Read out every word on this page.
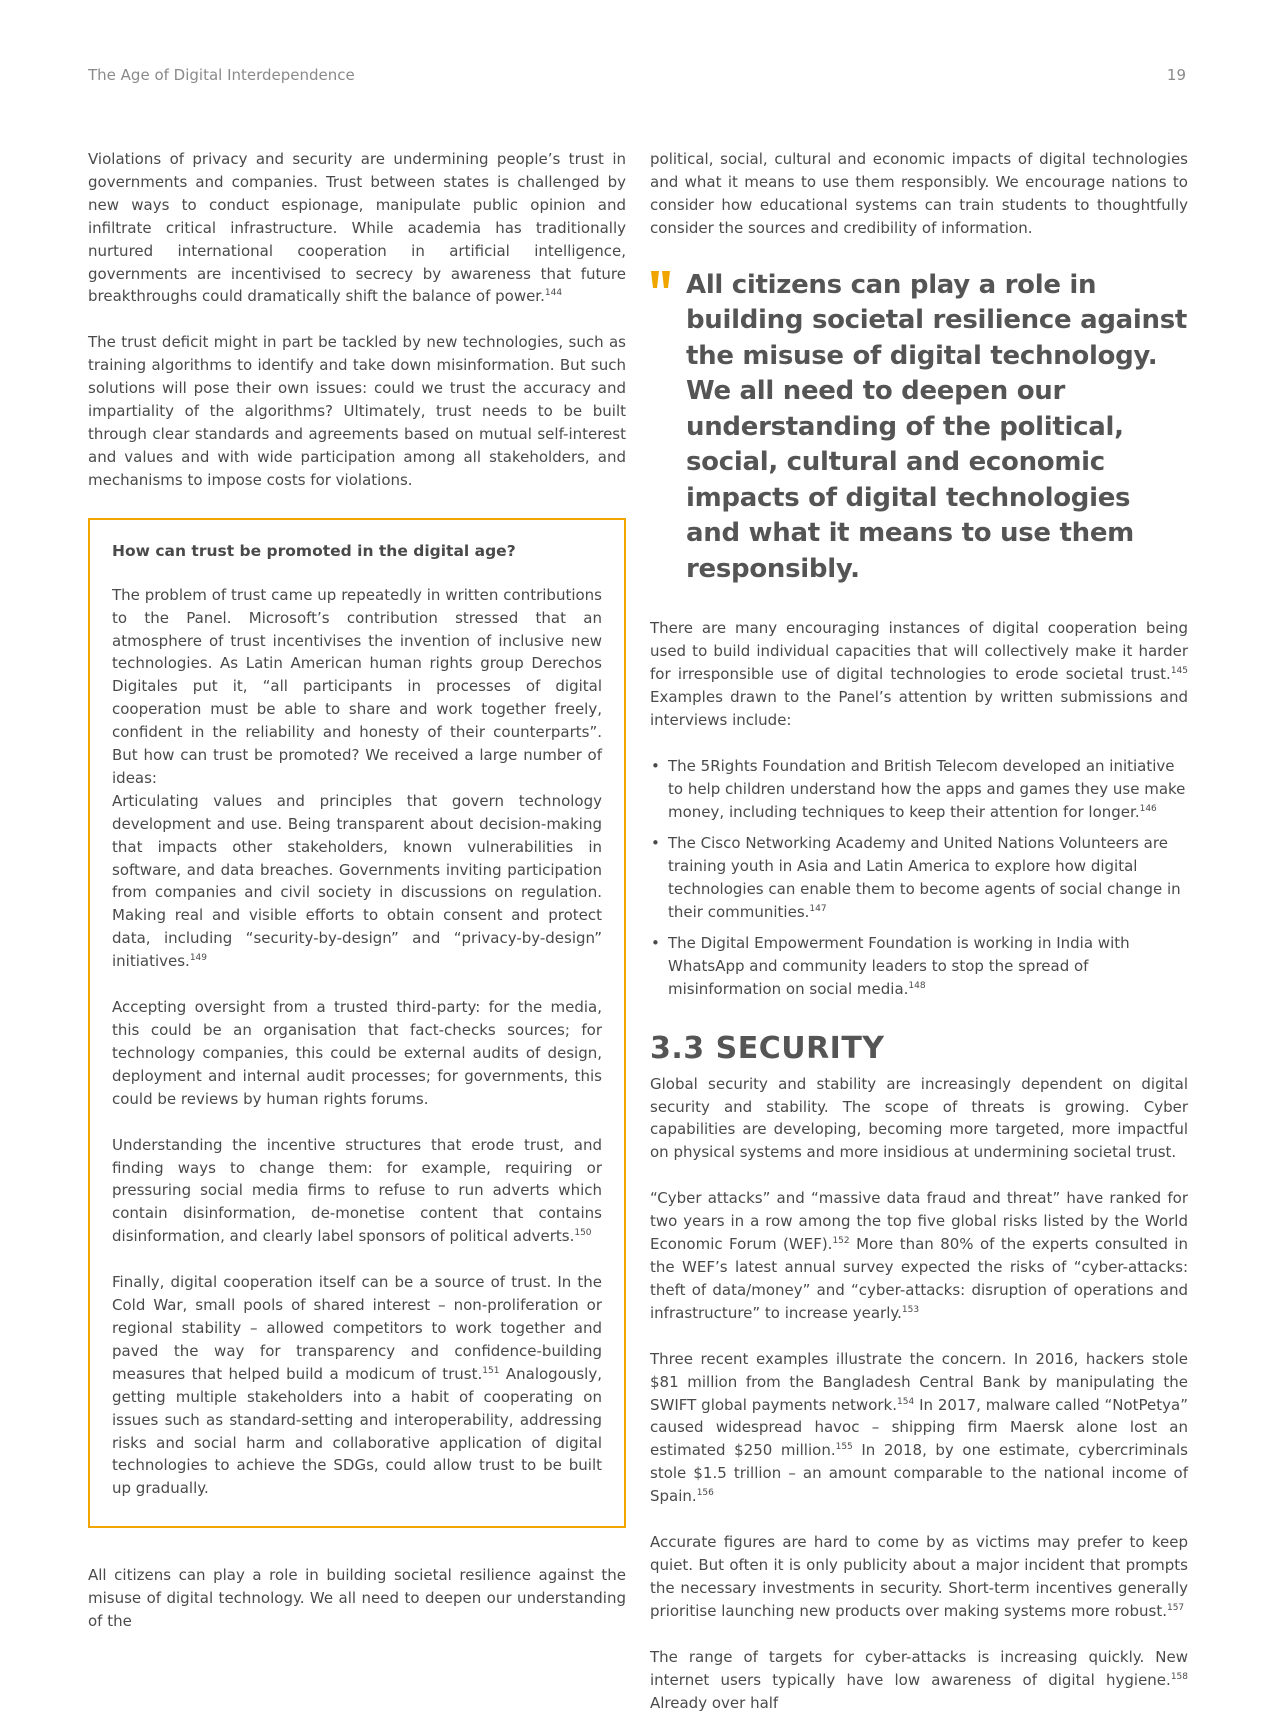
The Age of Digital Interdependence	19

Violations of privacy and security are undermining people’s trust in governments and companies. Trust between states is challenged by new ways to conduct espionage, manipulate public opinion and infiltrate critical infrastructure. While academia has traditionally nurtured international cooperation in artificial intelligence, governments are incentivised to secrecy by awareness that future breakthroughs could dramatically shift the balance of power.$^{144}$

The trust deficit might in part be tackled by new technologies, such as training algorithms to identify and take down misinformation. But such solutions will pose their own issues: could we trust the accuracy and impartiality of the algorithms? Ultimately, trust needs to be built through clear standards and agreements based on mutual self-interest and values and with wide participation among all stakeholders, and mechanisms to impose costs for violations.

How can trust be promoted in the digital age?

The problem of trust came up repeatedly in written contributions to the Panel. Microsoft’s contribution stressed that an atmosphere of trust incentivises the invention of inclusive new technologies. As Latin American human rights group Derechos Digitales put it, “all participants in processes of digital cooperation must be able to share and work together freely, confident in the reliability and honesty of their counterparts”. But how can trust be promoted? We received a large number of ideas:

Articulating values and principles that govern technology development and use. Being transparent about decision-making that impacts other stakeholders, known vulnerabilities in software, and data breaches. Governments inviting participation from companies and civil society in discussions on regulation. Making real and visible efforts to obtain consent and protect data, including “security-by-design” and “privacy-by-design” initiatives.$^{149}$

Accepting oversight from a trusted third-party: for the media, this could be an organisation that fact-checks sources; for technology companies, this could be external audits of design, deployment and internal audit processes; for governments, this could be reviews by human rights forums.

Understanding the incentive structures that erode trust, and finding ways to change them: for example, requiring or pressuring social media firms to refuse to run adverts which contain disinformation, de-monetise content that contains disinformation, and clearly label sponsors of political adverts.$^{150}$

Finally, digital cooperation itself can be a source of trust. In the Cold War, small pools of shared interest – non-proliferation or regional stability – allowed competitors to work together and paved the way for transparency and confidence-building measures that helped build a modicum of trust.$^{151}$ Analogously, getting multiple stakeholders into a habit of cooperating on issues such as standard-setting and interoperability, addressing risks and social harm and collaborative application of digital technologies to achieve the SDGs, could allow trust to be built up gradually.

All citizens can play a role in building societal resilience against the misuse of digital technology. We all need to deepen our understanding of the

political, social, cultural and economic impacts of digital technologies and what it means to use them responsibly. We encourage nations to consider how educational systems can train students to thoughtfully consider the sources and credibility of information.

All citizens can play a role in building societal resilience against the misuse of digital technology. We all need to deepen our understanding of the political, social, cultural and economic impacts of digital technologies and what it means to use them responsibly.

There are many encouraging instances of digital cooperation being used to build individual capacities that will collectively make it harder for irresponsible use of digital technologies to erode societal trust.$^{145}$ Examples drawn to the Panel’s attention by written submissions and interviews include:

• The 5Rights Foundation and British Telecom developed an initiative to help children understand how the apps and games they use make money, including techniques to keep their attention for longer.$^{146}$
• The Cisco Networking Academy and United Nations Volunteers are training youth in Asia and Latin America to explore how digital technologies can enable them to become agents of social change in their communities.$^{147}$
• The Digital Empowerment Foundation is working in India with WhatsApp and community leaders to stop the spread of misinformation on social media.$^{148}$
3.3 SECURITY

Global security and stability are increasingly dependent on digital security and stability. The scope of threats is growing. Cyber capabilities are developing, becoming more targeted, more impactful on physical systems and more insidious at undermining societal trust.

“Cyber attacks” and “massive data fraud and threat” have ranked for two years in a row among the top five global risks listed by the World Economic Forum (WEF).$^{152}$ More than 80% of the experts consulted in the WEF’s latest annual survey expected the risks of “cyber-attacks: theft of data/money” and “cyber-attacks: disruption of operations and infrastructure” to increase yearly.$^{153}$

Three recent examples illustrate the concern. In 2016, hackers stole $81 million from the Bangladesh Central Bank by manipulating the SWIFT global payments network.$^{154}$ In 2017, malware called “NotPetya” caused widespread havoc – shipping firm Maersk alone lost an estimated $250 million.$^{155}$ In 2018, by one estimate, cybercriminals stole $1.5 trillion – an amount comparable to the national income of Spain.$^{156}$

Accurate figures are hard to come by as victims may prefer to keep quiet. But often it is only publicity about a major incident that prompts the necessary investments in security. Short-term incentives generally prioritise launching new products over making systems more robust.$^{157}$

The range of targets for cyber-attacks is increasing quickly. New internet users typically have low awareness of digital hygiene.$^{158}$ Already over half
